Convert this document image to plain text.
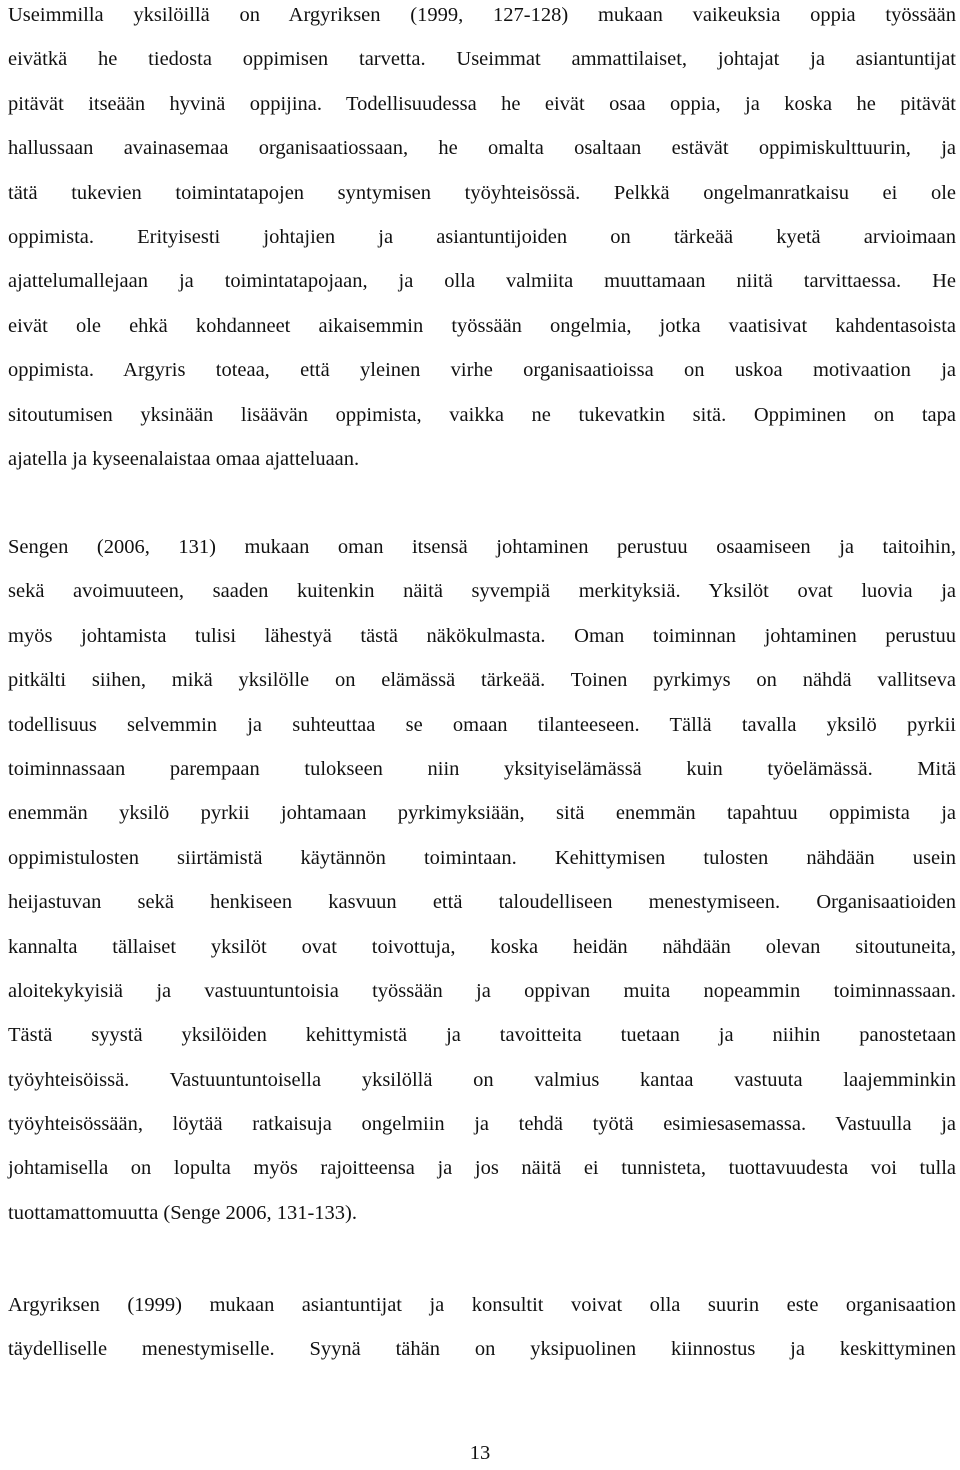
Useimmilla yksilöillä on Argyriksen (1999, 127-128) mukaan vaikeuksia oppia työssään
eivätkä he tiedosta oppimisen tarvetta. Useimmat ammattilaiset, johtajat ja asiantuntijat
pitävät itseään hyvinä oppijina. Todellisuudessa he eivät osaa oppia, ja koska he pitävät
hallussaan avainasemaa organisaatiossaan, he omalta osaltaan estävät oppimiskulttuurin, ja
tätä tukevien toimintatapojen syntymisen työyhteisössä. Pelkkä ongelmanratkaisu ei ole
oppimista. Erityisesti johtajien ja asiantuntijoiden on tärkeää kyetä arvioimaan
ajattelumallejaan ja toimintatapojaan, ja olla valmiita muuttamaan niitä tarvittaessa. He
eivät ole ehkä kohdanneet aikaisemmin työssään ongelmia, jotka vaatisivat kahdentasoista
oppimista. Argyris toteaa, että yleinen virhe organisaatioissa on uskoa motivaation ja
sitoutumisen yksinään lisäävän oppimista, vaikka ne tukevatkin sitä. Oppiminen on tapa
ajatella ja kyseenalaistaa omaa ajatteluaan.
Sengen (2006, 131) mukaan oman itsensä johtaminen perustuu osaamiseen ja taitoihin,
sekä avoimuuteen, saaden kuitenkin näitä syvempiä merkityksiä. Yksilöt ovat luovia ja
myös johtamista tulisi lähestyä tästä näkökulmasta. Oman toiminnan johtaminen perustuu
pitkälti siihen, mikä yksilölle on elämässä tärkeää. Toinen pyrkimys on nähdä vallitseva
todellisuus selvemmin ja suhteuttaa se omaan tilanteeseen. Tällä tavalla yksilö pyrkii
toiminnassaan parempaan tulokseen niin yksityiselämässä kuin työelämässä. Mitä
enemmän yksilö pyrkii johtamaan pyrkimyksiään, sitä enemmän tapahtuu oppimista ja
oppimistulosten siirtämistä käytännön toimintaan. Kehittymisen tulosten nähdään usein
heijastuvan sekä henkiseen kasvuun että taloudelliseen menestymiseen. Organisaatioiden
kannalta tällaiset yksilöt ovat toivottuja, koska heidän nähdään olevan sitoutuneita,
aloitekykyisiä ja vastuuntuntoisia työssään ja oppivan muita nopeammin toiminnassaan.
Tästä syystä yksilöiden kehittymistä ja tavoitteita tuetaan ja niihin panostetaan
työyhteisöissä. Vastuuntuntoisella yksilöllä on valmius kantaa vastuuta laajemminkin
työyhteisössään, löytää ratkaisuja ongelmiin ja tehdä työtä esimiesasemassa. Vastuulla ja
johtamisella on lopulta myös rajoitteensa ja jos näitä ei tunnisteta, tuottavuudesta voi tulla
tuottamattomuutta (Senge 2006, 131-133).
Argyriksen (1999) mukaan asiantuntijat ja konsultit voivat olla suurin este organisaation
täydelliselle menestymiselle. Syynä tähän on yksipuolinen kiinnostus ja keskittyminen
13
